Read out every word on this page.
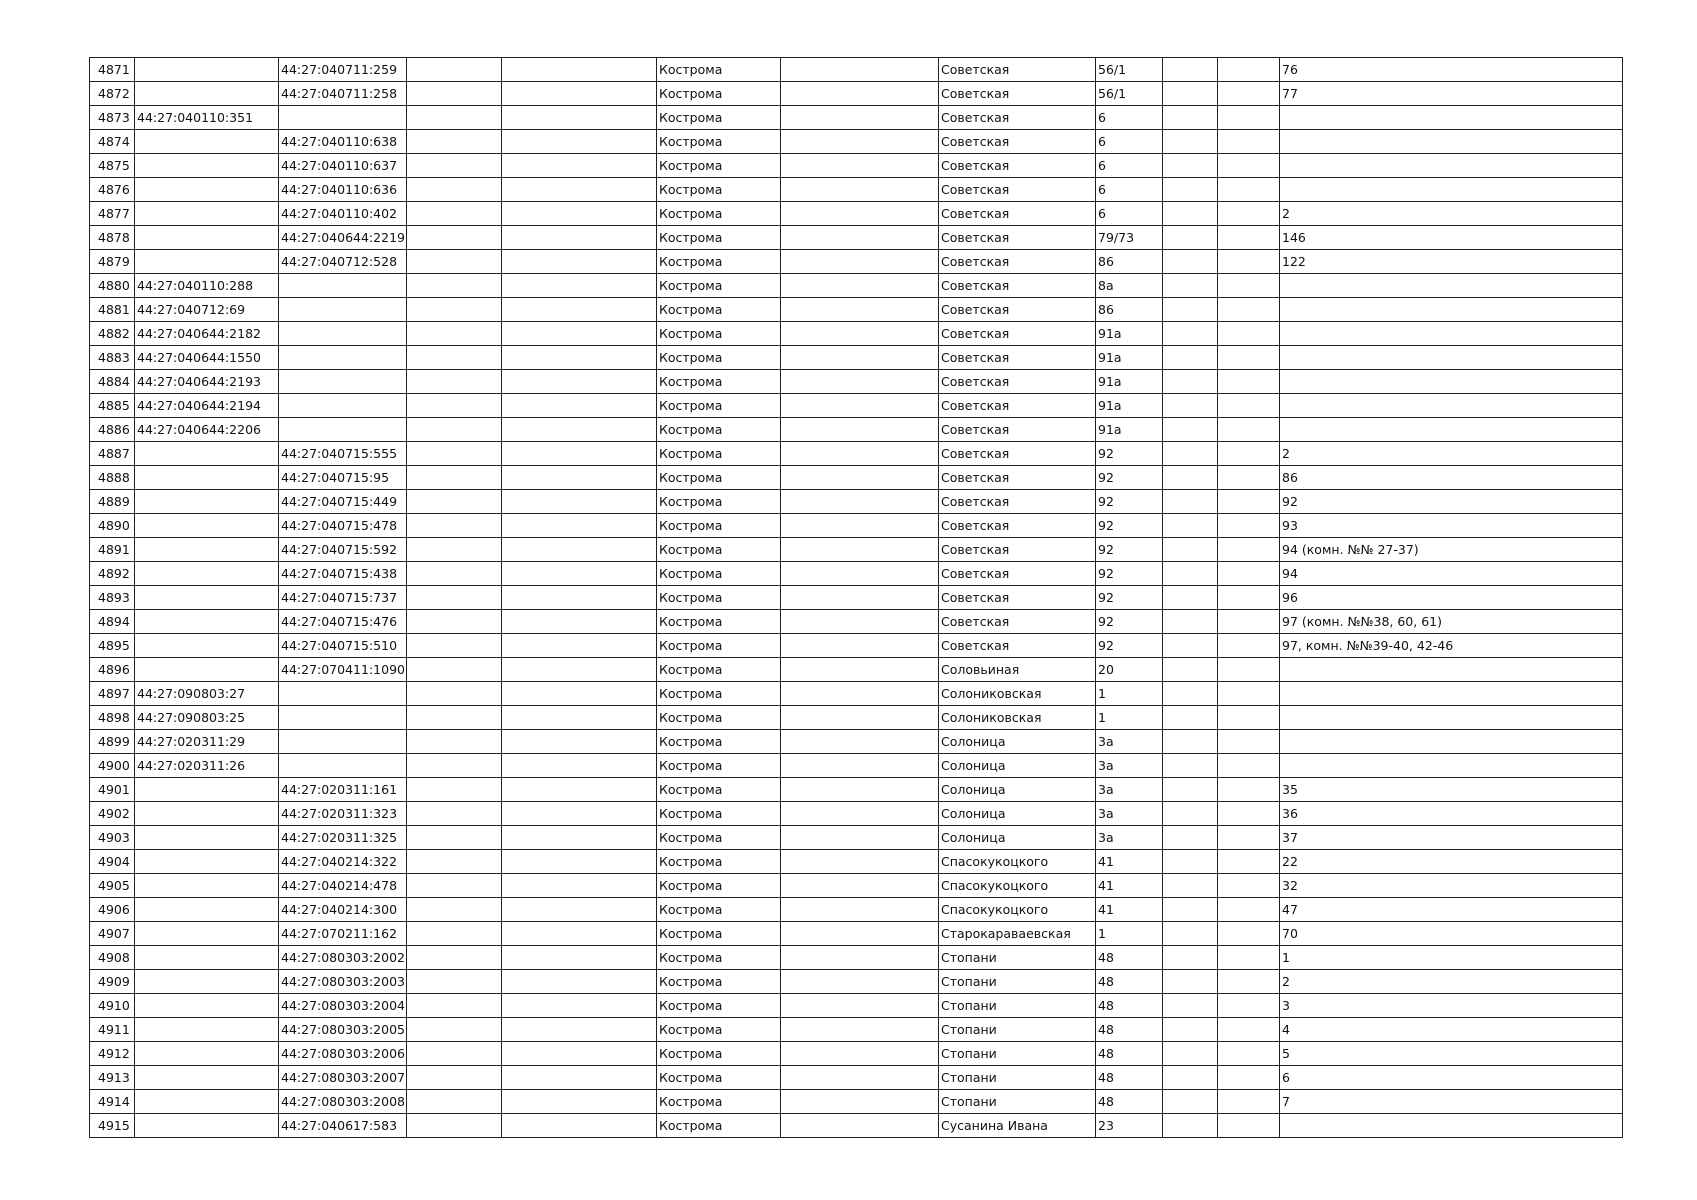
4871		44:27:040711:259			Кострома		Советская	56/1			76
4872		44:27:040711:258			Кострома		Советская	56/1			77
4873	44:27:040110:351				Кострома		Советская	6			
4874		44:27:040110:638			Кострома		Советская	6			
4875		44:27:040110:637			Кострома		Советская	6			
4876		44:27:040110:636			Кострома		Советская	6			
4877		44:27:040110:402			Кострома		Советская	6			2
4878		44:27:040644:2219			Кострома		Советская	79/73			146
4879		44:27:040712:528			Кострома		Советская	86			122
4880	44:27:040110:288				Кострома		Советская	8а			
4881	44:27:040712:69				Кострома		Советская	86			
4882	44:27:040644:2182				Кострома		Советская	91а			
4883	44:27:040644:1550				Кострома		Советская	91а			
4884	44:27:040644:2193				Кострома		Советская	91а			
4885	44:27:040644:2194				Кострома		Советская	91а			
4886	44:27:040644:2206				Кострома		Советская	91а			
4887		44:27:040715:555			Кострома		Советская	92			2
4888		44:27:040715:95			Кострома		Советская	92			86
4889		44:27:040715:449			Кострома		Советская	92			92
4890		44:27:040715:478			Кострома		Советская	92			93
4891		44:27:040715:592			Кострома		Советская	92			94 (комн. №№ 27-37)
4892		44:27:040715:438			Кострома		Советская	92			94
4893		44:27:040715:737			Кострома		Советская	92			96
4894		44:27:040715:476			Кострома		Советская	92			97 (комн. №№38, 60, 61)
4895		44:27:040715:510			Кострома		Советская	92			97, комн. №№39-40, 42-46
4896		44:27:070411:1090			Кострома		Соловьиная	20			
4897	44:27:090803:27				Кострома		Солониковская	1			
4898	44:27:090803:25				Кострома		Солониковская	1			
4899	44:27:020311:29				Кострома		Солоница	3а			
4900	44:27:020311:26				Кострома		Солоница	3а			
4901		44:27:020311:161			Кострома		Солоница	3а			35
4902		44:27:020311:323			Кострома		Солоница	3а			36
4903		44:27:020311:325			Кострома		Солоница	3а			37
4904		44:27:040214:322			Кострома		Спасокукоцкого	41			22
4905		44:27:040214:478			Кострома		Спасокукоцкого	41			32
4906		44:27:040214:300			Кострома		Спасокукоцкого	41			47
4907		44:27:070211:162			Кострома		Старокараваевская	1			70
4908		44:27:080303:2002			Кострома		Стопани	48			1
4909		44:27:080303:2003			Кострома		Стопани	48			2
4910		44:27:080303:2004			Кострома		Стопани	48			3
4911		44:27:080303:2005			Кострома		Стопани	48			4
4912		44:27:080303:2006			Кострома		Стопани	48			5
4913		44:27:080303:2007			Кострома		Стопани	48			6
4914		44:27:080303:2008			Кострома		Стопани	48			7
4915		44:27:040617:583			Кострома		Сусанина Ивана	23			
